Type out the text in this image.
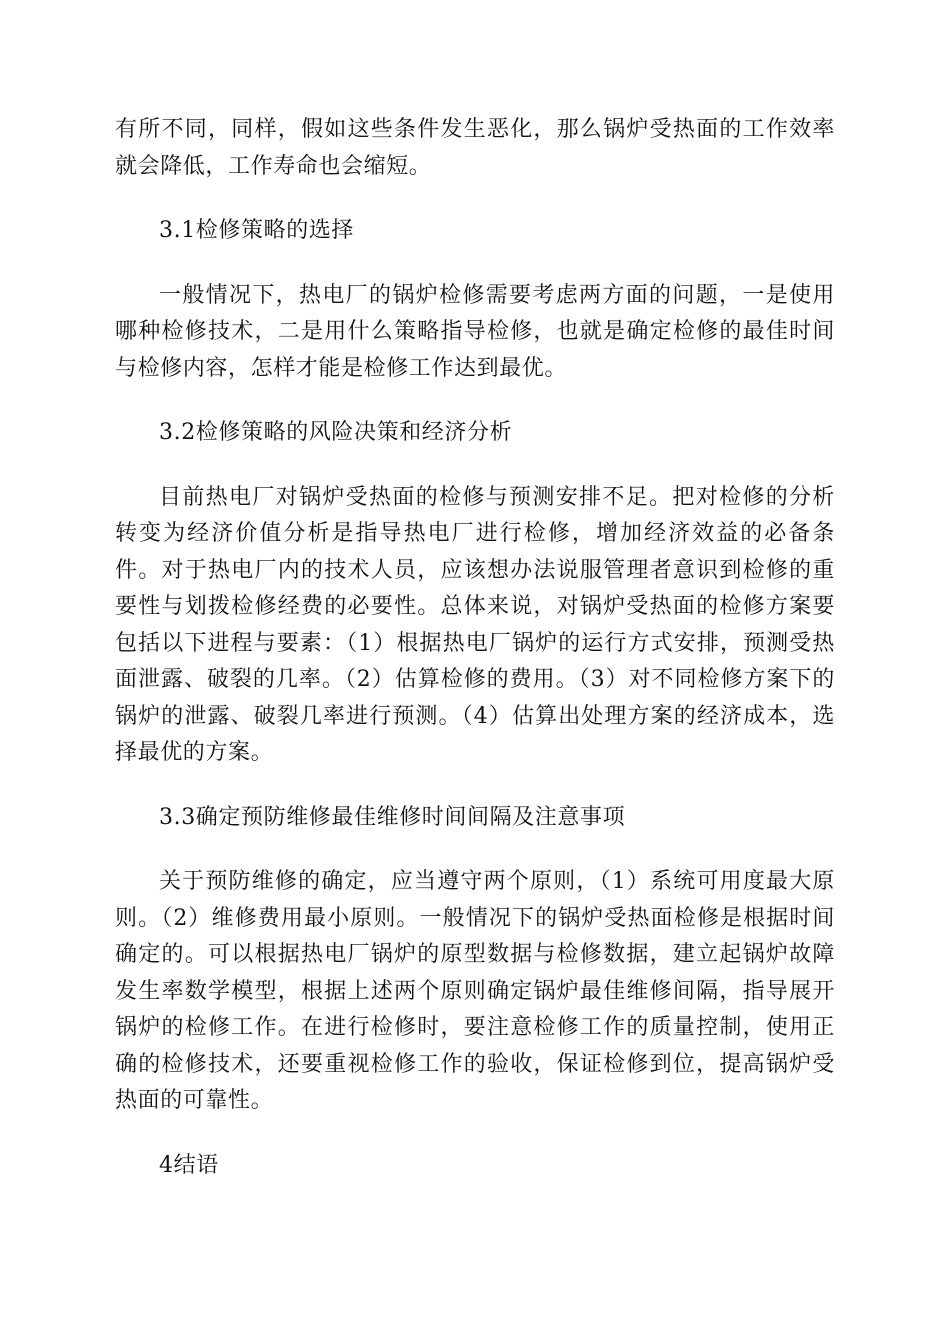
有所不同，同样，假如这些条件发生恶化，那么锅炉受热面的工作效率就会降低，工作寿命也会缩短。

3.1检修策略的选择

一般情况下，热电厂的锅炉检修需要考虑两方面的问题，一是使用哪种检修技术，二是用什么策略指导检修，也就是确定检修的最佳时间与检修内容，怎样才能是检修工作达到最优。

3.2检修策略的风险决策和经济分析

目前热电厂对锅炉受热面的检修与预测安排不足。把对检修的分析转变为经济价值分析是指导热电厂进行检修，增加经济效益的必备条件。对于热电厂内的技术人员，应该想办法说服管理者意识到检修的重要性与划拨检修经费的必要性。总体来说，对锅炉受热面的检修方案要包括以下进程与要素：（1）根据热电厂锅炉的运行方式安排，预测受热面泄露、破裂的几率。（2）估算检修的费用。（3）对不同检修方案下的锅炉的泄露、破裂几率进行预测。（4）估算出处理方案的经济成本，选择最优的方案。

3.3确定预防维修最佳维修时间间隔及注意事项

关于预防维修的确定，应当遵守两个原则，（1）系统可用度最大原则。（2）维修费用最小原则。一般情况下的锅炉受热面检修是根据时间确定的。可以根据热电厂锅炉的原型数据与检修数据，建立起锅炉故障发生率数学模型，根据上述两个原则确定锅炉最佳维修间隔，指导展开锅炉的检修工作。在进行检修时，要注意检修工作的质量控制，使用正确的检修技术，还要重视检修工作的验收，保证检修到位，提高锅炉受热面的可靠性。

4结语
